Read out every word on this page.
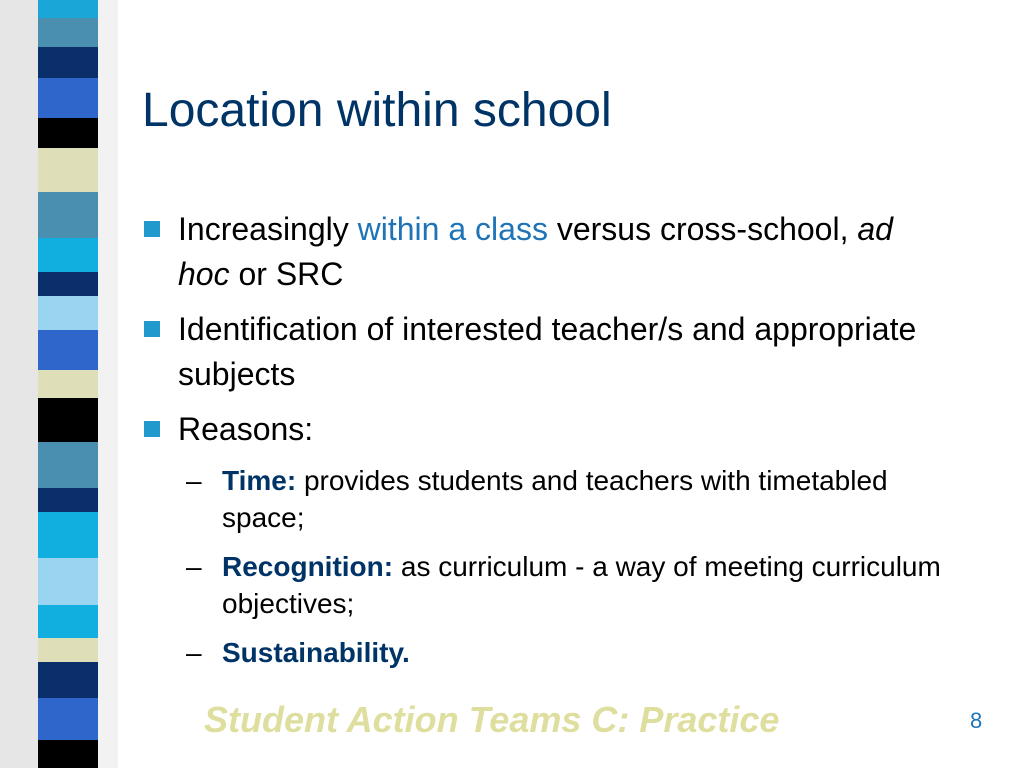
Location within school
Increasingly within a class versus cross-school, ad hoc or SRC
Identification of interested teacher/s and appropriate subjects
Reasons:
– Time: provides students and teachers with timetabled space;
– Recognition: as curriculum - a way of meeting curriculum objectives;
– Sustainability.
Student Action Teams C: Practice	8
